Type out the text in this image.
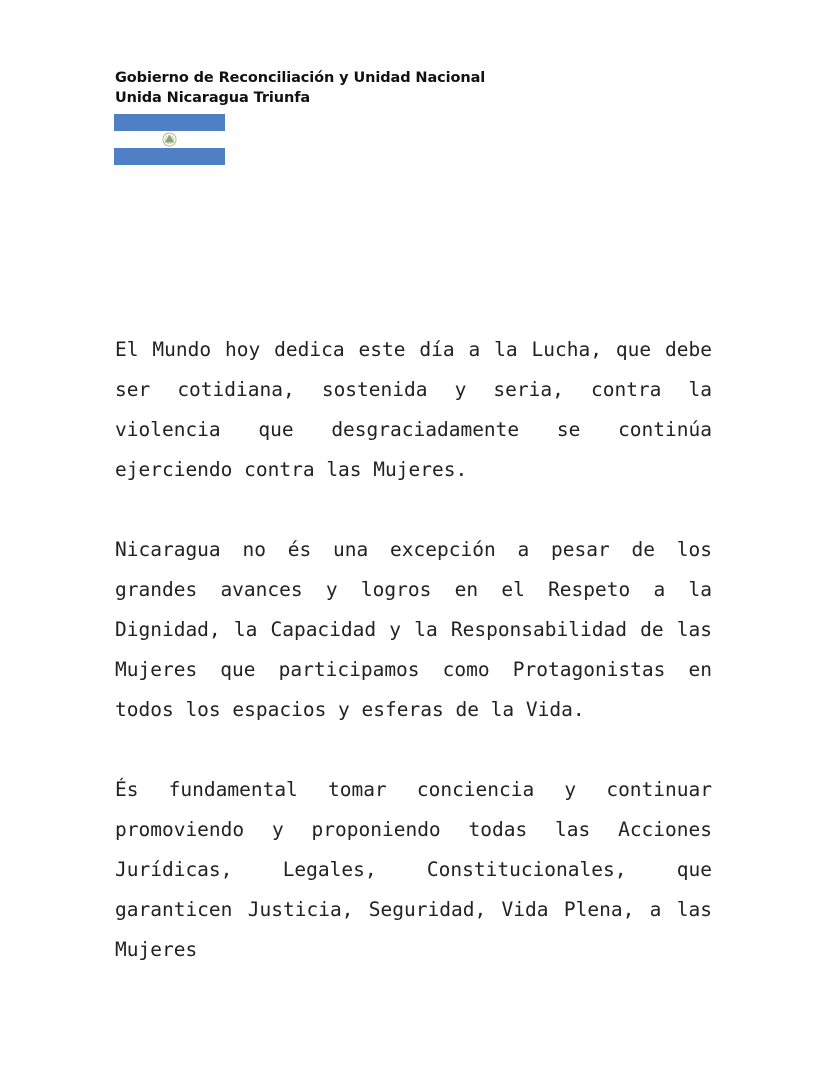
Gobierno de Reconciliación y Unidad Nacional

Unida Nicaragua Triunfa

El Mundo hoy dedica este día a la Lucha, que debe ser cotidiana, sostenida y seria, contra la violencia que desgraciadamente se continúa ejerciendo contra las Mujeres.

Nicaragua no és una excepción a pesar de los grandes avances y logros en el Respeto a la Dignidad, la Capacidad y la Responsabilidad de las Mujeres que participamos como Protagonistas en todos los espacios y esferas de la Vida.

És fundamental tomar conciencia y continuar promoviendo y proponiendo todas las Acciones Jurídicas, Legales, Constitucionales, que garanticen Justicia, Seguridad, Vida Plena, a las Mujeres
